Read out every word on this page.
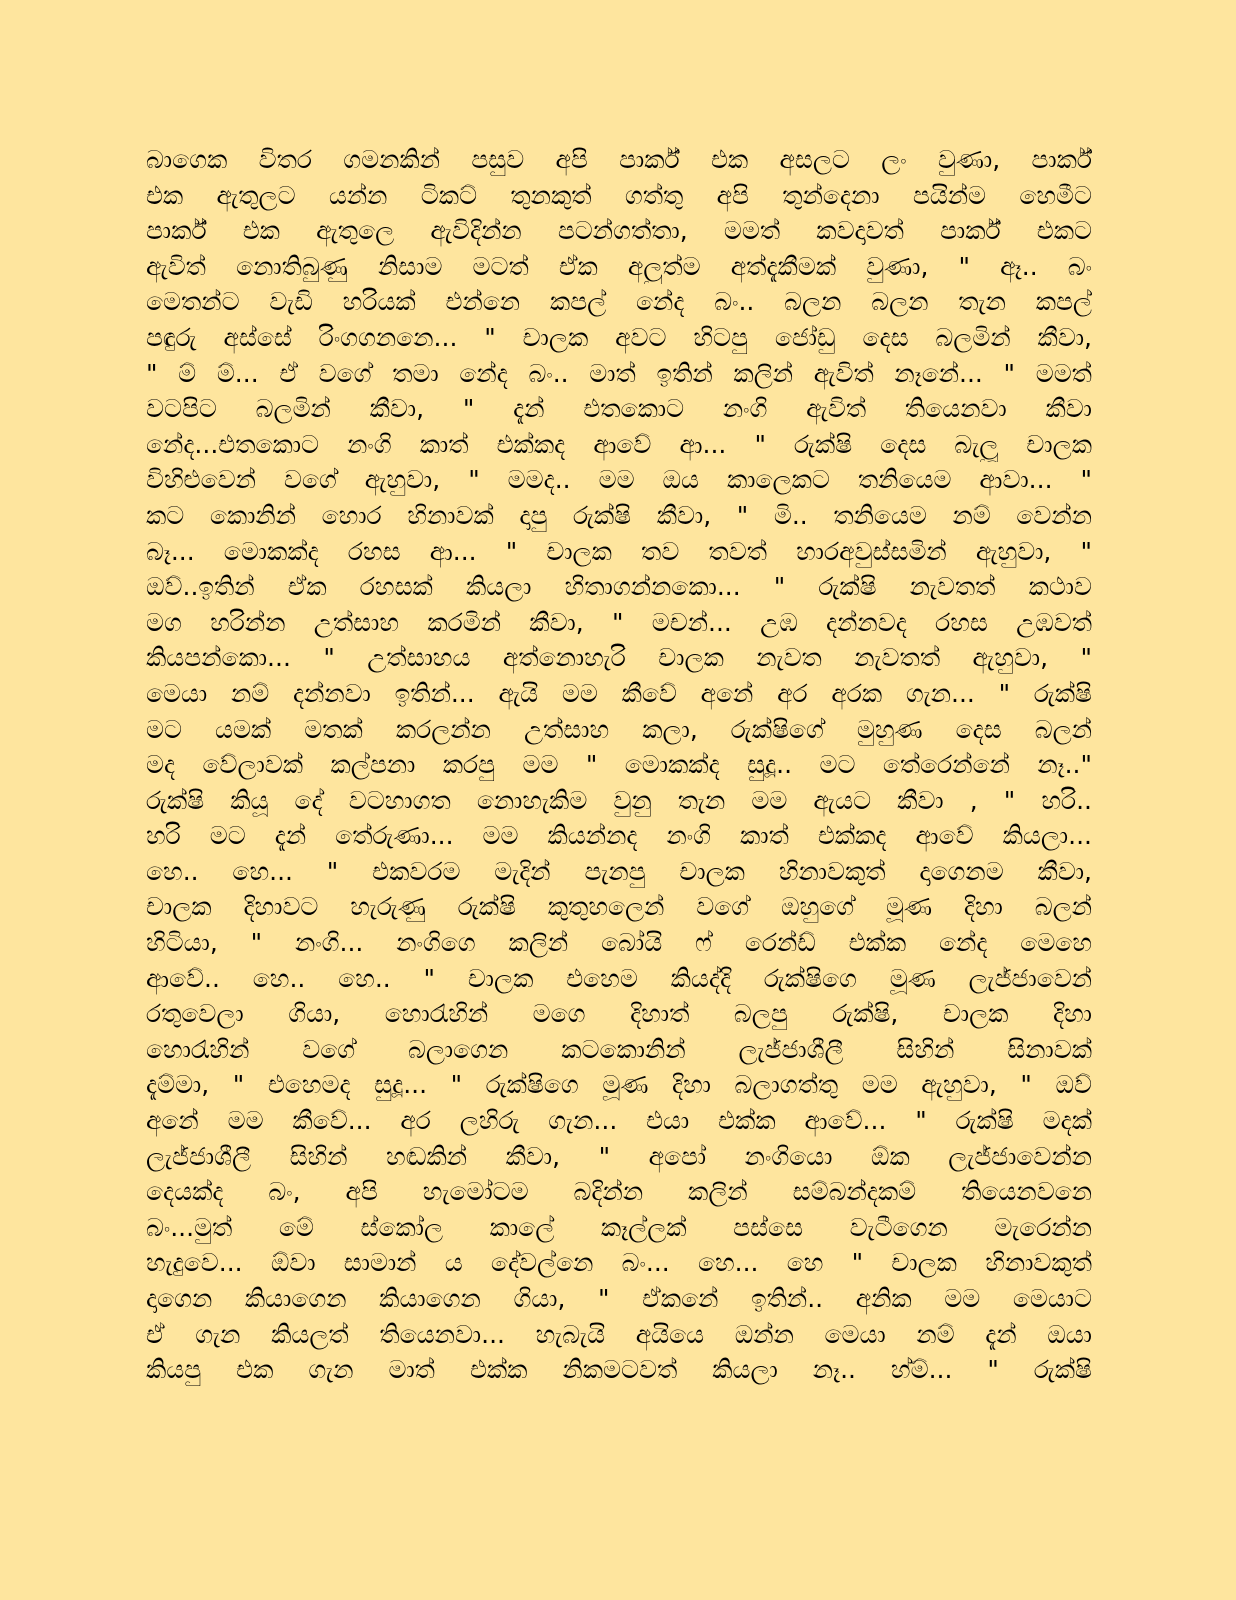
බාගෙක විතර ගමනකින් පසුව අපි පාර්ක් එක අසලට ලං වුණා, පාර්ක්
එක ඇතුලට යන්න ටිකට් තුනකුත් ගත්තු අපි තුන්දෙනා පයින්ම හෙමීට
පාර්ක් එක ඇතුලෙ ඇවිදින්න පටන්ගත්තා, මමත් කවදාවත් පාර්ක් එකට
ඇවිත් නොතිබුණු නිසාම මටත් ඒක අලුත්ම අත්දැකීමක් වුණා, " ඈ.. බං
මෙතන්ට වැඩි හරියක් එන්නෙ කපල් නේද බං.. බලන බලන තැන කපල්
පඳුරු අස්සේ රිංගගනනෙ... " චාලක අවට හිටපු ජෝඩු දෙස බලමින් කීවා,
" ම් ම්... ඒ වගේ තමා නේද බං.. මාත් ඉතින් කලින් ඇවිත් නෑනේ... " මමත්
වටපිට බලමින් කීවා, " දැන් එතකොට නංගි ඇවිත් තියෙනවා කීවා
නේද...එතකොට නංගි කාත් එක්කද ආවේ ආ... " රුක්ෂි දෙස බැලූ චාලක
විහිළුවෙන් වගේ ඇහුවා, " මමද.. මම ඔය කාලෙකට තනියෙම ආවා... "
කට කොනින් හොර හිනාවක් දාපු රුක්ෂි කීවා, " මි.. තනියෙම නම් වෙන්න
බෑ... මොකක්ද රහස ආ... " චාලක තව තවත් හාරඅවුස්සමින් ඇහුවා, "
ඔව්..ඉතින් ඒක රහසක් කියලා හිතාගන්නකො... " රුක්ෂි නැවතත් කථාව
මග හරින්න උත්සාහ කරමින් කීවා, " මචන්... උඹ දන්නවද රහස උඹවත්
කියපන්කො... " උත්සාහය අත්නොහැරි චාලක නැවත නැවතත් ඇහුවා, "
මෙයා නම් දන්නවා ඉතින්... ඇයි මම කීවේ අනේ අර අරක ගැන... " රුක්ෂි
මට යමක් මතක් කරලන්න උත්සාහ කලා, රුක්ෂිගේ මුහුණ දෙස බලන්
මද වේලාවක් කල්පනා කරපු මම " මොකක්ද සුදූ.. මට තේරෙන්නේ නෑ.."
රුක්ෂි කියූ දේ වටහාගත නොහැකිම වුනු තැන මම ඇයට කීවා , " හරි..
හරි මට දැන් තේරුණා... මම කියන්නද නංගි කාත් එක්කද ආවේ කියලා...
හෙ.. හෙ... " එකවරම මැදින් පැනපු චාලක හිනාවකුත් දාගෙනම කීවා,
චාලක දිහාවට හැරුණු රුක්ෂි කුතුහලෙන් වගේ ඔහුගේ මූණ දිහා බලන්
හිටියා, " නංගි... නංගිගෙ කලින් බෝයි ෆ් රෙන්ඩ් එක්ක නේද මෙහෙ
ආවේ.. හෙ.. හෙ.. " චාලක එහෙම කියද්දි රුක්ෂිගෙ මූණ ලැජ්ජාවෙන්
රතුවෙලා ගියා, හොරැහින් මගෙ දිහාත් බලපු රුක්ෂි, චාලක දිහා
හොරැහින් වගේ බලාගෙන කටකොනින් ලැජ්ජාශීලී සිහින් සිනාවක්
දැම්මා, " එහෙමද සුදූ... " රුක්ෂිගෙ මූණ දිහා බලාගත්තු මම ඇහුවා, " ඔව්
අනේ මම කීවේ... අර ලහිරු ගැන... එයා එක්ක ආවේ... " රුක්ෂි මදක්
ලැජ්ජාශීලී සිහින් හඬකින් කීවා, " අපෝ නංගියො ඕක ලැජ්ජාවෙන්න
දෙයක්ද බං, අපි හැමෝටම බදින්න කලින් සම්බන්දකම් තියෙනවනෙ
බං...මුත් මේ ස්කෝල කාලේ කෑල්ලක් පස්සෙ වැටීගෙන මැරෙන්න
හැදුවෙ... ඕවා සාමාන් ය දේවල්නෙ බං... හෙ... හෙ " චාලක හිනාවකුත්
දාගෙන කියාගෙන කියාගෙන ගියා, " ඒකනේ ඉතින්.. අනික මම මෙයාට
ඒ ගැන කියලත් තියෙනවා... හැබැයි අයියෙ ඔන්න මෙයා නම් දැන් ඔයා
කියපු එක ගැන මාත් එක්ක නිකමටවත් කියලා නෑ.. හ්ම්... " රුක්ෂි
